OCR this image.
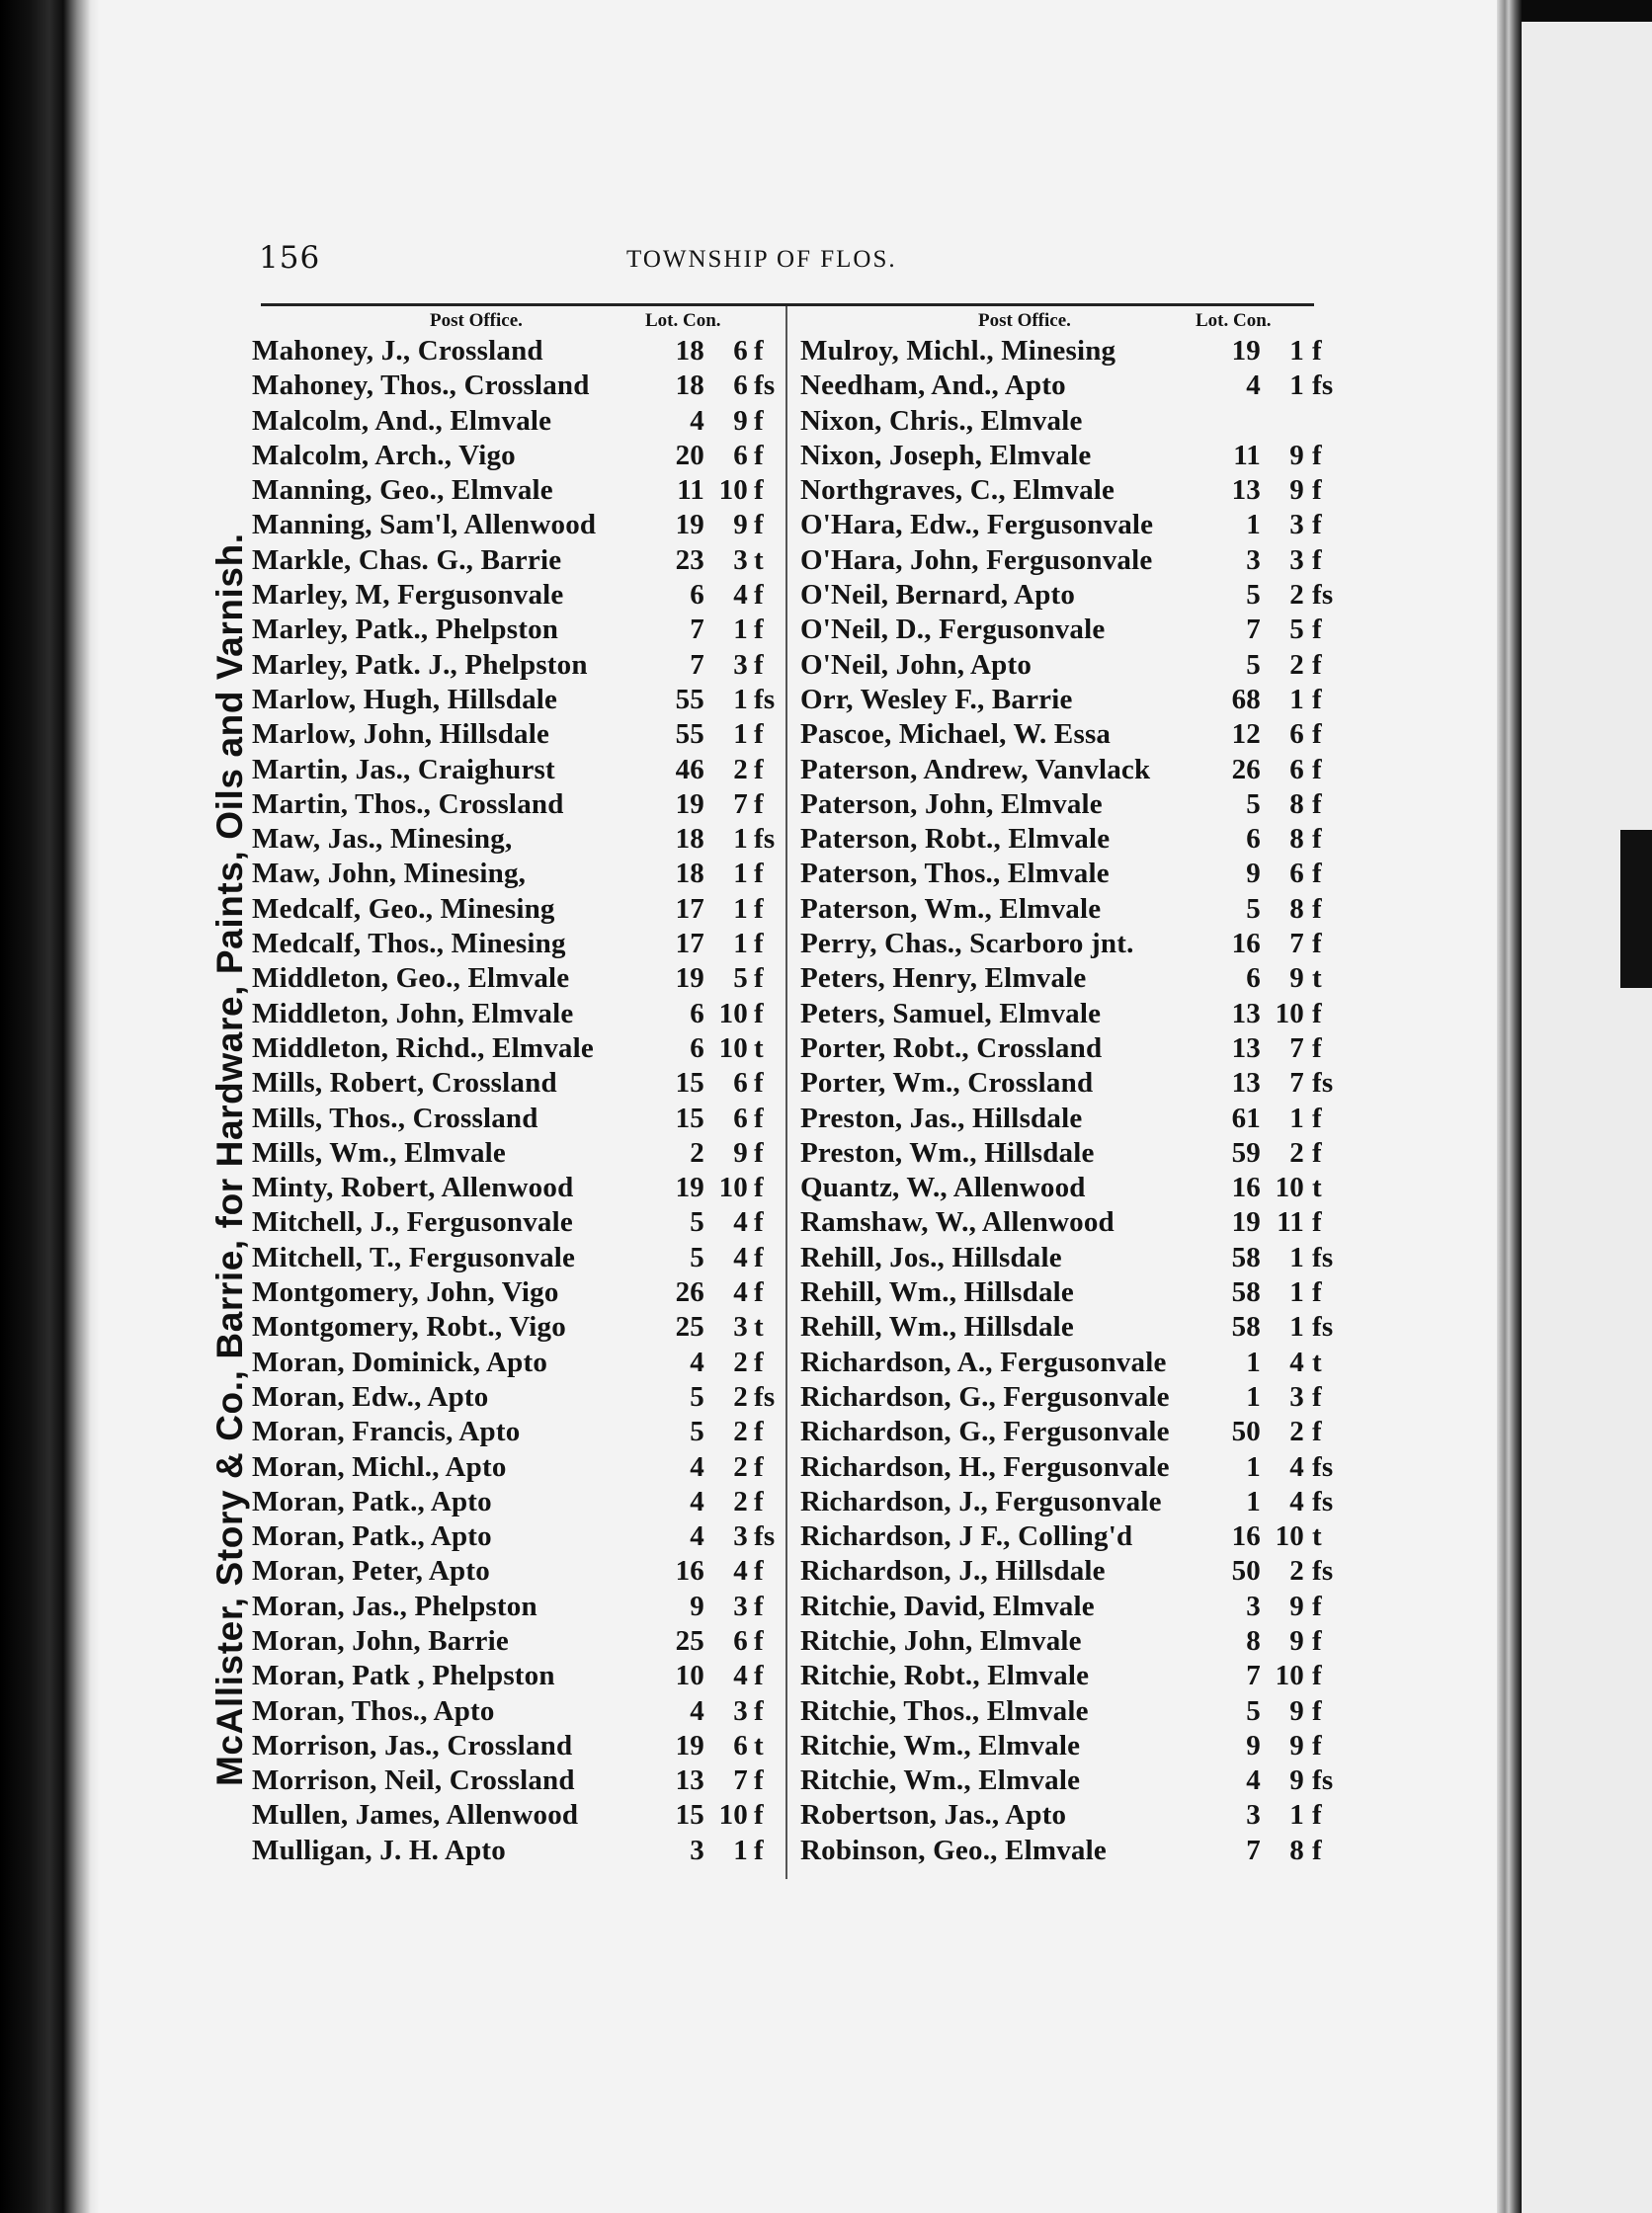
156	TOWNSHIP OF FLOS.
McAllister, Story & Co., Barrie, for Hardware, Paints, Oils and Varnish.
Post Office.	Lot. Con.
Mahoney, J., Crossland	18	6 f
Mahoney, Thos., Crossland	18	6 fs
Malcolm, And., Elmvale	4	9 f
Malcolm, Arch., Vigo	20	6 f
Manning, Geo., Elmvale	11 10 f
Manning, Sam'l, Allenwood	19	9 f
Markle, Chas. G., Barrie	23	3 t
Marley, M, Fergusonvale	6	4 f
Marley, Patk., Phelpston	7	1 f
Marley, Patk. J., Phelpston	7	3 f
Marlow, Hugh, Hillsdale	55	1 fs
Marlow, John, Hillsdale	55	1 f
Martin, Jas., Craighurst	46	2 f
Martin, Thos., Crossland	19	7 f
Maw, Jas., Minesing,	18	1 fs
Maw, John, Minesing,	18	1 f
Medcalf, Geo., Minesing	17	1 f
Medcalf, Thos., Minesing	17	1 f
Middleton, Geo., Elmvale	19	5 f
Middleton, John, Elmvale	6 10 f
Middleton, Richd., Elmvale	6 10 t
Mills, Robert, Crossland	15	6 f
Mills, Thos., Crossland	15	6 f
Mills, Wm., Elmvale	2	9 f
Minty, Robert, Allenwood	19 10 f
Mitchell, J., Fergusonvale	5	4 f
Mitchell, T., Fergusonvale	5	4 f
Montgomery, John, Vigo	26	4 f
Montgomery, Robt., Vigo	25	3 t
Moran, Dominick, Apto	4	2 f
Moran, Edw., Apto	5	2 fs
Moran, Francis, Apto	5	2 f
Moran, Michl., Apto	4	2 f
Moran, Patk., Apto	4	2 f
Moran, Patk., Apto	4	3 fs
Moran, Peter, Apto	16	4 f
Moran, Jas., Phelpston	9	3 f
Moran, John, Barrie	25	6 f
Moran, Patk , Phelpston	10	4 f
Moran, Thos., Apto	4	3 f
Morrison, Jas., Crossland	19	6 t
Morrison, Neil, Crossland	13	7 f
Mullen, James, Allenwood	15 10 f
Mulligan, J. H. Apto	3	1 f
Post Office.	Lot. Con.
Mulroy, Michl., Minesing	19	1 f
Needham, And., Apto	4	1 fs
Nixon, Chris., Elmvale
Nixon, Joseph, Elmvale	11	9 f
Northgraves, C., Elmvale	13	9 f
O'Hara, Edw., Fergusonvale	1	3 f
O'Hara, John, Fergusonvale	3	3 f
O'Neil, Bernard, Apto	5	2 fs
O'Neil, D., Fergusonvale	7	5 f
O'Neil, John, Apto	5	2 f
Orr, Wesley F., Barrie	68	1 f
Pascoe, Michael, W. Essa	12	6 f
Paterson, Andrew, Vanvlack	26	6 f
Paterson, John, Elmvale	5	8 f
Paterson, Robt., Elmvale	6	8 f
Paterson, Thos., Elmvale	9	6 f
Paterson, Wm., Elmvale	5	8 f
Perry, Chas., Scarboro jnt.	16	7 f
Peters, Henry, Elmvale	6	9 t
Peters, Samuel, Elmvale	13 10 f
Porter, Robt., Crossland	13	7 f
Porter, Wm., Crossland	13	7 fs
Preston, Jas., Hillsdale	61	1 f
Preston, Wm., Hillsdale	59	2 f
Quantz, W., Allenwood	16 10 t
Ramshaw, W., Allenwood	19 11 f
Rehill, Jos., Hillsdale	58	1 fs
Rehill, Wm., Hillsdale	58	1 f
Rehill, Wm., Hillsdale	58	1 fs
Richardson, A., Fergusonvale	1	4 t
Richardson, G., Fergusonvale	1	3 f
Richardson, G., Fergusonvale	50	2 f
Richardson, H., Fergusonvale	1	4 fs
Richardson, J., Fergusonvale	1	4 fs
Richardson, J F., Colling'd	16 10 t
Richardson, J., Hillsdale	50	2 fs
Ritchie, David, Elmvale	3	9 f
Ritchie, John, Elmvale	8	9 f
Ritchie, Robt., Elmvale	7 10 f
Ritchie, Thos., Elmvale	5	9 f
Ritchie, Wm., Elmvale	9	9 f
Ritchie, Wm., Elmvale	4	9 fs
Robertson, Jas., Apto	3	1 f
Robinson, Geo., Elmvale	7	8 f
